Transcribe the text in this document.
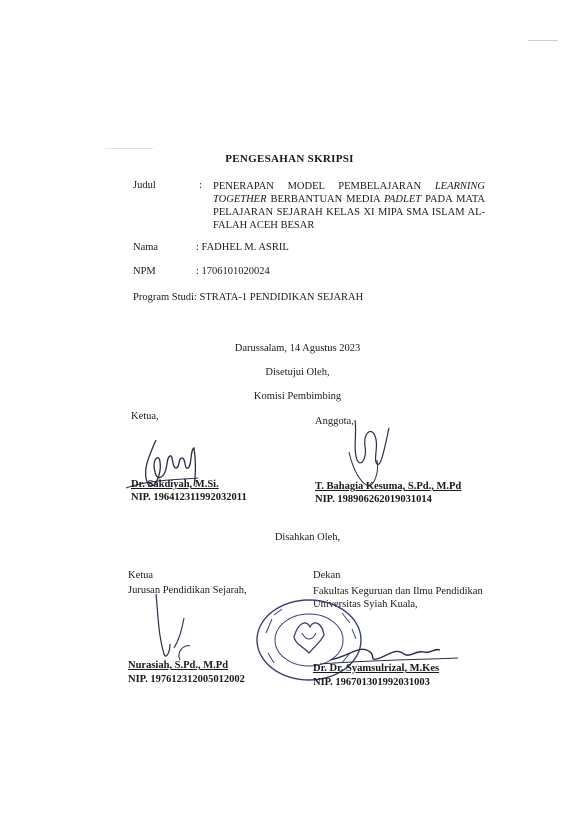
PENGESAHAN SKRIPSI
Judul	: PENERAPAN MODEL PEMBELAJARAN LEARNING TOGETHER BERBANTUAN MEDIA PADLET PADA MATA PELAJARAN SEJARAH KELAS XI MIPA SMA ISLAM AL-FALAH ACEH BESAR
Nama	: FADHEL M. ASRIL
NPM	: 1706101020024
Program Studi : STRATA-1 PENDIDIKAN SEJARAH
Darussalam, 14 Agustus 2023
Disetujui Oleh,
Komisi Pembimbing
Ketua,
Dr. Sakdiyah, M.Si.
NIP. 196412311992032011
Anggota,
T. Bahagia Kesuma, S.Pd., M.Pd
NIP. 198906262019031014
Disahkan Oleh,
Ketua
Jurusan Pendidikan Sejarah,
Nurasiah, S.Pd., M.Pd
NIP. 197612312005012002
Dekan
Fakultas Keguruan dan Ilmu Pendidikan
Universitas Syiah Kuala,
Dr. Dr. Syamsulrizal, M.Kes
NIP. 196701301992031003
